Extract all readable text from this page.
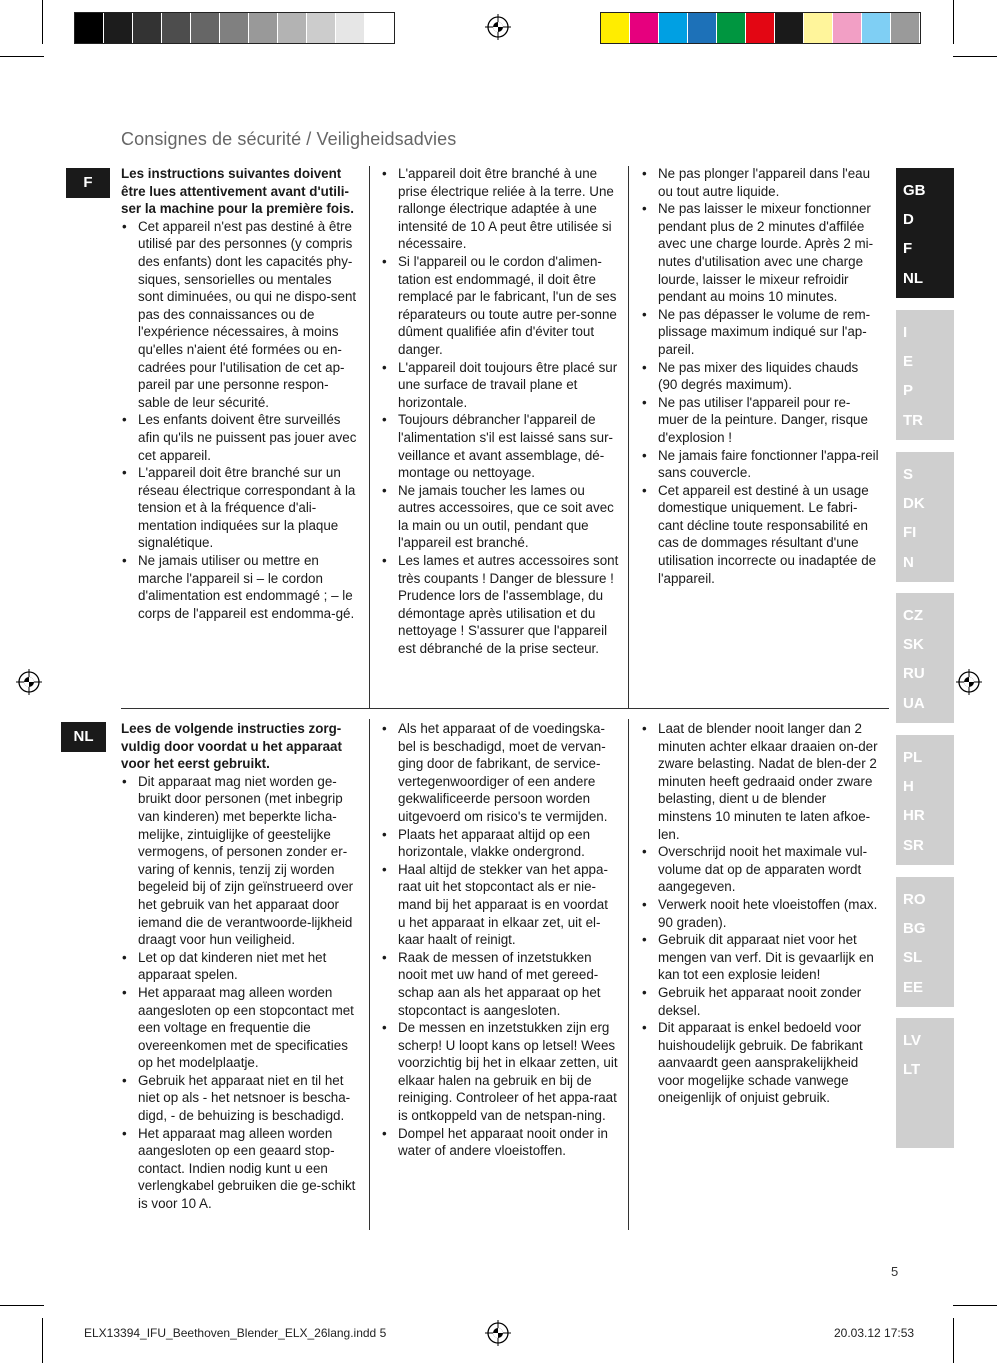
Consignes de sécurité / Veiligheidsadvies
F

Les instructions suivantes doivent être lues attentivement avant d'utili-ser la machine pour la première fois.

• Cet appareil n'est pas destiné à être utilisé par des personnes (y compris des enfants) dont les capacités phy-siques, sensorielles ou mentales sont diminuées, ou qui ne dispo-sent pas des connaissances ou de l'expérience nécessaires, à moins qu'elles n'aient été formées ou en-cadrées pour l'utilisation de cet ap-pareil par une personne respon-sable de leur sécurité.
• Les enfants doivent être surveillés afin qu'ils ne puissent pas jouer avec cet appareil.
• L'appareil doit être branché sur un réseau électrique correspondant à la tension et à la fréquence d'ali-mentation indiquées sur la plaque signalétique.
• Ne jamais utiliser ou mettre en marche l'appareil si – le cordon d'alimentation est endommagé ; – le corps de l'appareil est endomma-gé.
• L'appareil doit être branché à une prise électrique reliée à la terre. Une rallonge électrique adaptée à une intensité de 10 A peut être utilisée si nécessaire.
• Si l'appareil ou le cordon d'alimen-tation est endommagé, il doit être remplacé par le fabricant, l'un de ses réparateurs ou toute autre per-sonne dûment qualifiée afin d'éviter tout danger.
• L'appareil doit toujours être placé sur une surface de travail plane et horizontale.
• Toujours débrancher l'appareil de l'alimentation s'il est laissé sans sur-veillance et avant assemblage, dé-montage ou nettoyage.
• Ne jamais toucher les lames ou autres accessoires, que ce soit avec la main ou un outil, pendant que l'appareil est branché.
• Les lames et autres accessoires sont très coupants ! Danger de blessure ! Prudence lors de l'assemblage, du démontage après utilisation et du nettoyage ! S'assurer que l'appareil est débranché de la prise secteur.
• Ne pas plonger l'appareil dans l'eau ou tout autre liquide.
• Ne pas laisser le mixeur fonctionner pendant plus de 2 minutes d'affilée avec une charge lourde. Après 2 mi-nutes d'utilisation avec une charge lourde, laisser le mixeur refroidir pendant au moins 10 minutes.
• Ne pas dépasser le volume de rem-plissage maximum indiqué sur l'ap-pareil.
• Ne pas mixer des liquides chauds (90 degrés maximum).
• Ne pas utiliser l'appareil pour re-muer de la peinture. Danger, risque d'explosion !
• Ne jamais faire fonctionner l'appa-reil sans couvercle.
• Cet appareil est destiné à un usage domestique uniquement. Le fabri-cant décline toute responsabilité en cas de dommages résultant d'une utilisation incorrecte ou inadaptée de l'appareil.
NL	Lees de volgende instructies zorg-vuldig door voordat u het apparaat voor het eerst gebruikt.

• Dit apparaat mag niet worden ge-bruikt door personen (met inbegrip van kinderen) met beperkte licha-melijke, zintuiglijke of geestelijke vermogens, of personen zonder er-varing of kennis, tenzij zij worden begeleid bij of zijn geïnstrueerd over het gebruik van het apparaat door iemand die de verantwoorde-lijkheid draagt voor hun veiligheid.
• Let op dat kinderen niet met het apparaat spelen.
• Het apparaat mag alleen worden aangesloten op een stopcontact met een voltage en frequentie die overeenkomen met de specificaties op het modelplaatje.
• Gebruik het apparaat niet en til het niet op als - het netsnoer is bescha-digd, - de behuizing is beschadigd.
• Het apparaat mag alleen worden aangesloten op een geaard stop-contact. Indien nodig kunt u een verlengkabel gebruiken die ge-schikt is voor 10 A.
• Als het apparaat of de voedingska-bel is beschadigd, moet de vervan-ging door de fabrikant, de service-vertegenwoordiger of een andere gekwalificeerde persoon worden uitgevoerd om risico's te vermijden.
• Plaats het apparaat altijd op een horizontale, vlakke ondergrond.
• Haal altijd de stekker van het appa-raat uit het stopcontact als er nie-mand bij het apparaat is en voordat u het apparaat in elkaar zet, uit el-kaar haalt of reinigt.
• Raak de messen of inzetstukken nooit met uw hand of met gereed-schap aan als het apparaat op het stopcontact is aangesloten.
• De messen en inzetstukken zijn erg scherp! U loopt kans op letsel! Wees voorzichtig bij het in elkaar zetten, uit elkaar halen na gebruik en bij de reiniging. Controleer of het appa-raat is ontkoppeld van de netspan-ning.
• Dompel het apparaat nooit onder in water of andere vloeistoffen.
• Laat de blender nooit langer dan 2 minuten achter elkaar draaien on-der zware belasting. Nadat de blen-der 2 minuten heeft gedraaid onder zware belasting, dient u de blender minstens 10 minuten te laten afkoe-len.
• Overschrijd nooit het maximale vul-volume dat op de apparaten wordt aangegeven.
• Verwerk nooit hete vloeistoffen (max. 90 graden).
• Gebruik dit apparaat niet voor het mengen van verf. Dit is gevaarlijk en kan tot een explosie leiden!
• Gebruik het apparaat nooit zonder deksel.
• Dit apparaat is enkel bedoeld voor huishoudelijk gebruik. De fabrikant aanvaardt geen aansprakelijkheid voor mogelijke schade vanwege oneigenlijk of onjuist gebruik.
GB
D
F
NL
I
E
P
TR
S
DK
FI
N
CZ
SK
RU
UA
PL
H
HR
SR
RO
BG
SL
EE
LV
LT
5
ELX13394_IFU_Beethoven_Blender_ELX_26lang.indd 5	20.03.12 17:53
